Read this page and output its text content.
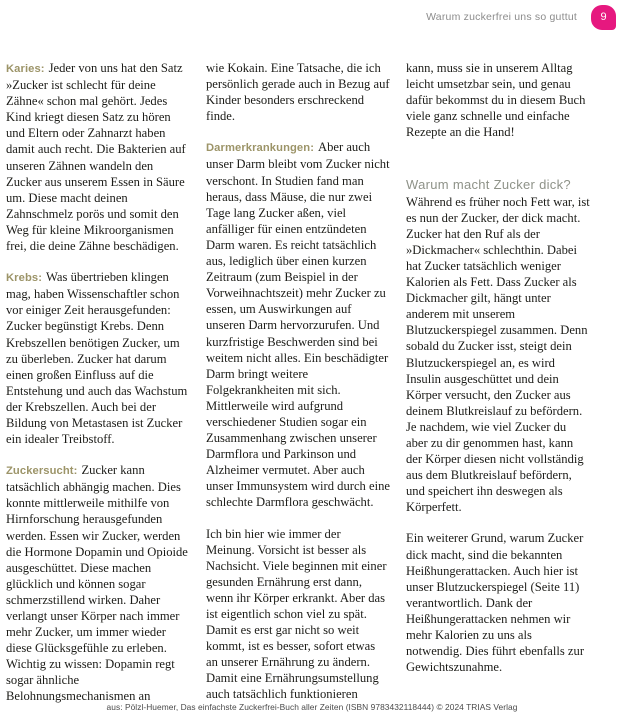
Warum zuckerfrei uns so guttut	9

Karies: Jeder von uns hat den Satz »Zucker ist schlecht für deine Zähne« schon mal gehört. Jedes Kind kriegt diesen Satz zu hören und Eltern oder Zahnarzt haben damit auch recht. Die Bakterien auf unseren Zähnen wandeln den Zucker aus unserem Essen in Säure um. Diese macht deinen Zahnschmelz porös und somit den Weg für kleine Mikroorganismen frei, die deine Zähne beschädigen.

Krebs: Was übertrieben klingen mag, haben Wissenschaftler schon vor einiger Zeit herausgefunden: Zucker begünstigt Krebs. Denn Krebszellen benötigen Zucker, um zu überleben. Zucker hat darum einen großen Einfluss auf die Entstehung und auch das Wachstum der Krebszellen. Auch bei der Bildung von Metastasen ist Zucker ein idealer Treibstoff.

Zuckersucht: Zucker kann tatsächlich abhängig machen. Dies konnte mittlerweile mithilfe von Hirnforschung herausgefunden werden. Essen wir Zucker, werden die Hormone Dopamin und Opioide ausgeschüttet. Diese machen glücklich und können sogar schmerzstillend wirken. Daher verlangt unser Körper nach immer mehr Zucker, um immer wieder diese Glücksgefühle zu erleben. Wichtig zu wissen: Dopamin regt sogar ähnliche Belohnungsmechanismen an

wie Kokain. Eine Tatsache, die ich persönlich gerade auch in Bezug auf Kinder besonders erschreckend finde.

Darmerkrankungen: Aber auch unser Darm bleibt vom Zucker nicht verschont. In Studien fand man heraus, dass Mäuse, die nur zwei Tage lang Zucker aßen, viel anfälliger für einen entzündeten Darm waren. Es reicht tatsächlich aus, lediglich über einen kurzen Zeitraum (zum Beispiel in der Vorweihnachtszeit) mehr Zucker zu essen, um Auswirkungen auf unseren Darm hervorzurufen. Und kurzfristige Beschwerden sind bei weitem nicht alles. Ein beschädigter Darm bringt weitere Folgekrankheiten mit sich. Mittlerweile wird aufgrund verschiedener Studien sogar ein Zusammenhang zwischen unserer Darmflora und Parkinson und Alzheimer vermutet. Aber auch unser Immunsystem wird durch eine schlechte Darmflora geschwächt.

Ich bin hier wie immer der Meinung. Vorsicht ist besser als Nachsicht. Viele beginnen mit einer gesunden Ernährung erst dann, wenn ihr Körper erkrankt. Aber das ist eigentlich schon viel zu spät. Damit es erst gar nicht so weit kommt, ist es besser, sofort etwas an unserer Ernährung zu ändern. Damit eine Ernährungsumstellung auch tatsächlich funktionieren

kann, muss sie in unserem Alltag leicht umsetzbar sein, und genau dafür bekommst du in diesem Buch viele ganz schnelle und einfache Rezepte an die Hand!

Warum macht Zucker dick?

Während es früher noch Fett war, ist es nun der Zucker, der dick macht. Zucker hat den Ruf als der »Dickmacher« schlechthin. Dabei hat Zucker tatsächlich weniger Kalorien als Fett. Dass Zucker als Dickmacher gilt, hängt unter anderem mit unserem Blutzuckerspiegel zusammen. Denn sobald du Zucker isst, steigt dein Blutzuckerspiegel an, es wird Insulin ausgeschüttet und dein Körper versucht, den Zucker aus deinem Blutkreislauf zu befördern. Je nachdem, wie viel Zucker du aber zu dir genommen hast, kann der Körper diesen nicht vollständig aus dem Blutkreislauf befördern, und speichert ihn deswegen als Körperfett.

Ein weiterer Grund, warum Zucker dick macht, sind die bekannten Heißhungerattacken. Auch hier ist unser Blutzuckerspiegel (Seite 11) verantwortlich. Dank der Heißhungerattacken nehmen wir mehr Kalorien zu uns als notwendig. Dies führt ebenfalls zur Gewichtszunahme.

aus: Pölzl-Huemer, Das einfachste Zuckerfrei-Buch aller Zeiten (ISBN 9783432118444) © 2024 TRIAS Verlag
